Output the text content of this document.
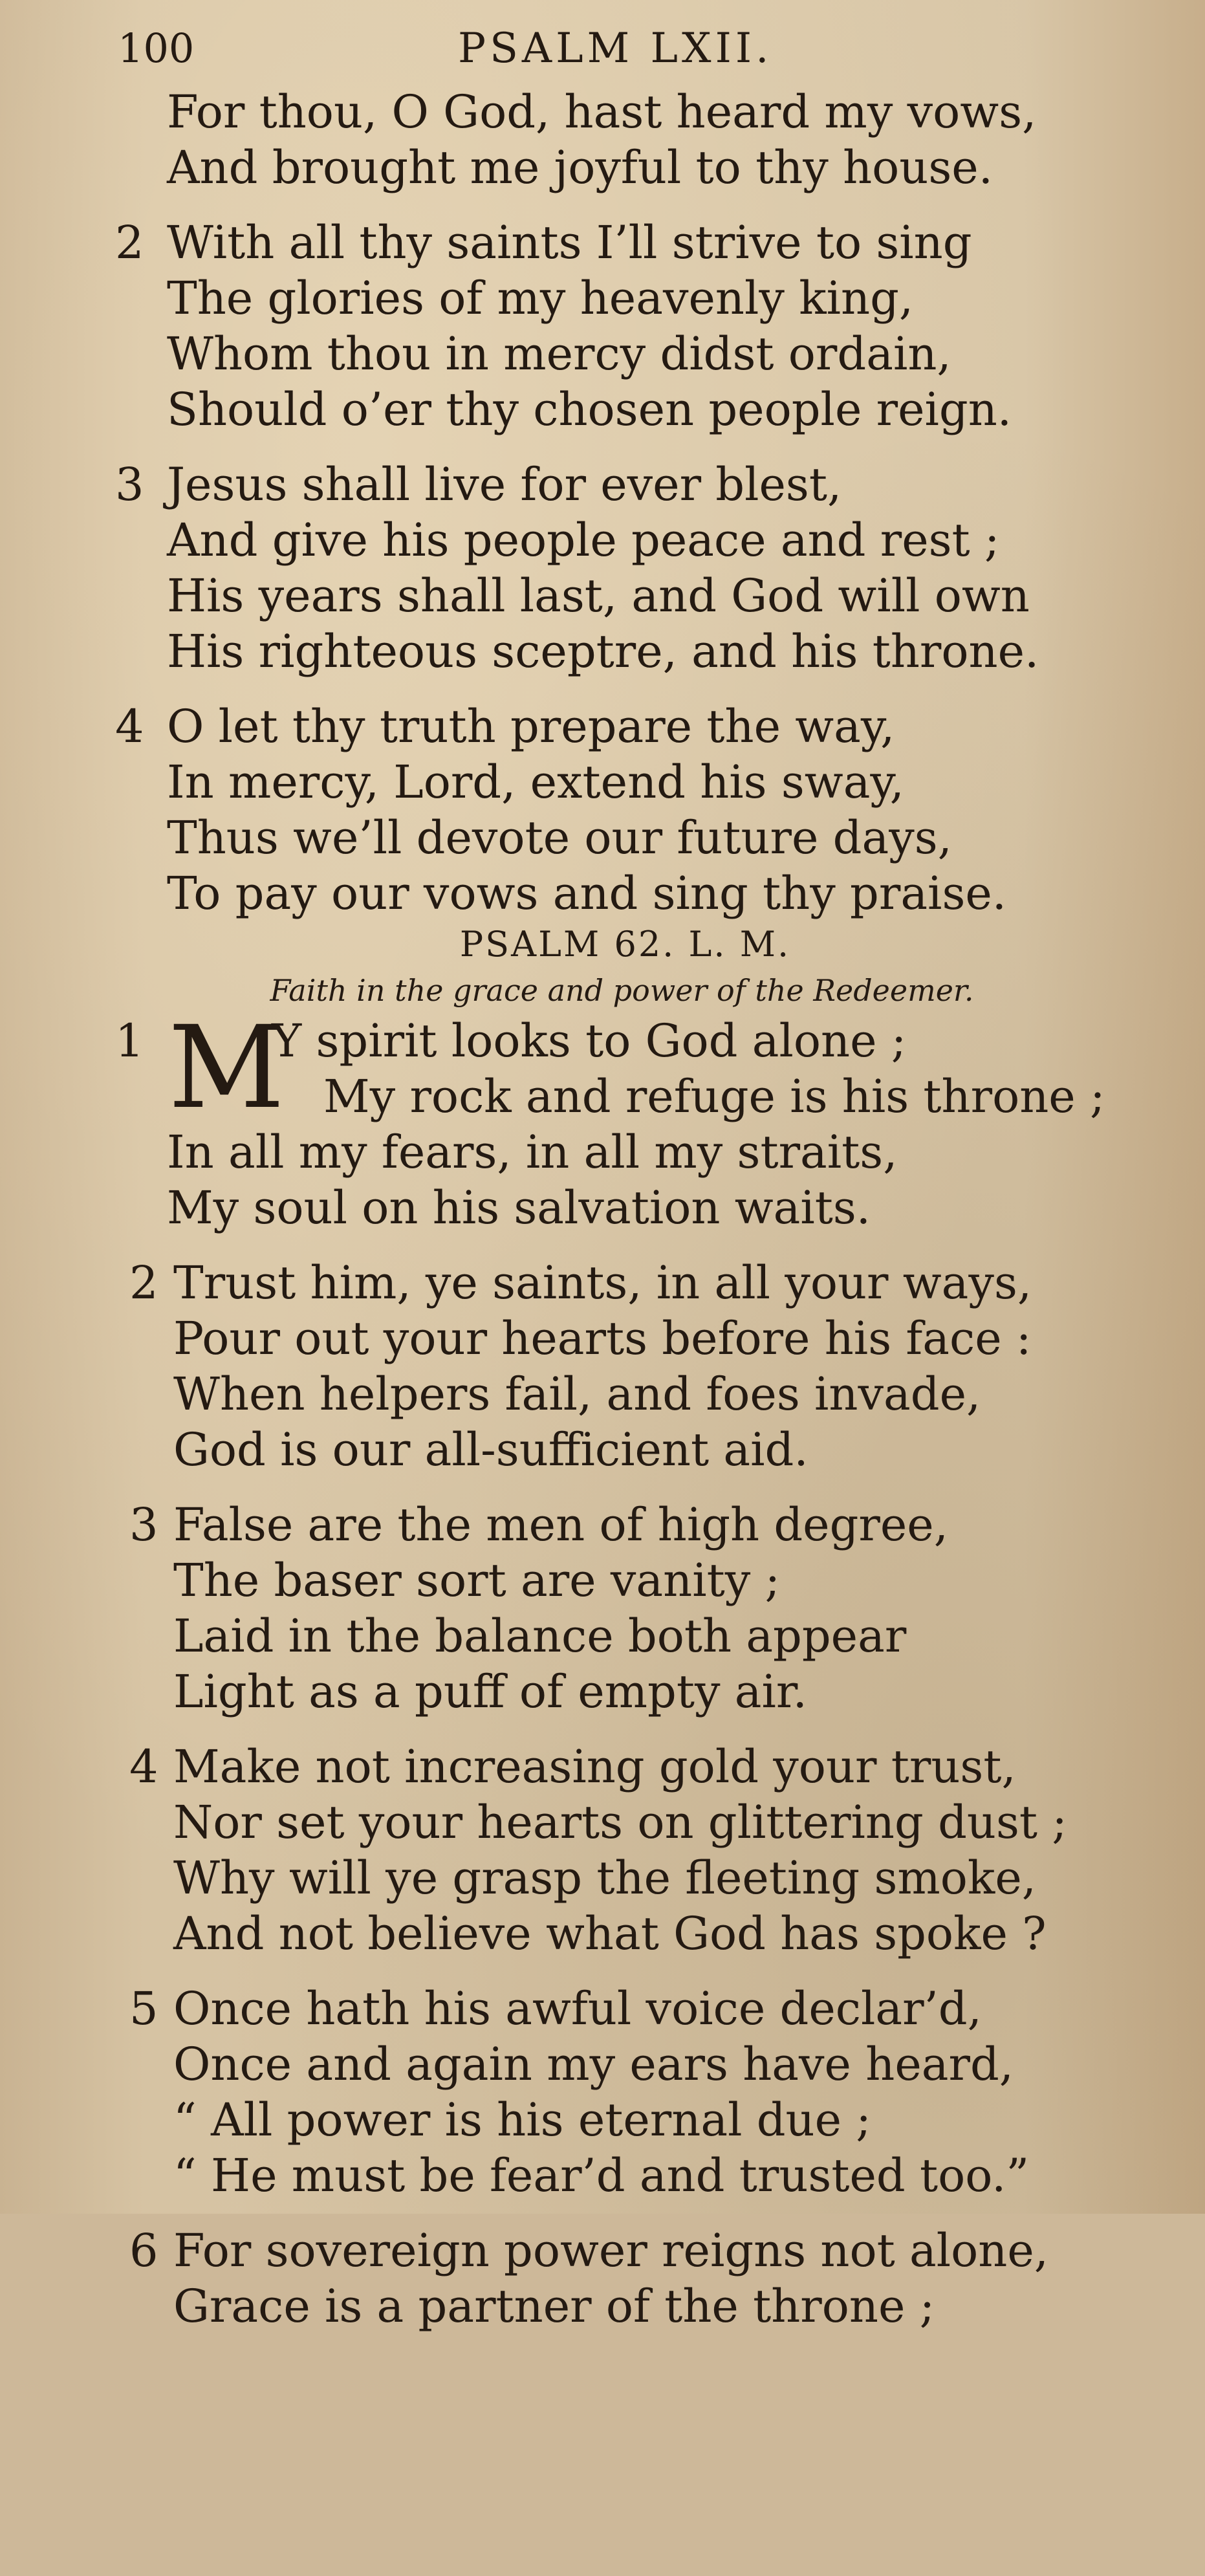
100	PSALM LXII.
For thou, O God, hast heard my vows,
And brought me joyful to thy house.
2 With all thy saints I’ll strive to sing
The glories of my heavenly king,
Whom thou in mercy didst ordain,
Should o’er thy chosen people reign.
3 Jesus shall live for ever blest,
And give his people peace and rest ;
His years shall last, and God will own
His righteous sceptre, and his throne.
4 O let thy truth prepare the way,
In mercy, Lord, extend his sway,
Thus we’ll devote our future days,
To pay our vows and sing thy praise.
PSALM 62. L. M.
Faith in the grace and power of the Redeemer.
1 M
Y spirit looks to God alone ;
My rock and refuge is his throne ;
In all my fears, in all my straits,
My soul on his salvation waits.
2 Trust him, ye saints, in all your ways,
Pour out your hearts before his face :
When helpers fail, and foes invade,
God is our all-sufficient aid.
3 False are the men of high degree,
The baser sort are vanity ;
Laid in the balance both appear
Light as a puff of empty air.
4 Make not increasing gold your trust,
Nor set your hearts on glittering dust ;
Why will ye grasp the fleeting smoke,
And not believe what God has spoke ?
5 Once hath his awful voice declar’d,
Once and again my ears have heard,
“ All power is his eternal due ;
“ He must be fear’d and trusted too.”
6 For sovereign power reigns not alone,
Grace is a partner of the throne ;
